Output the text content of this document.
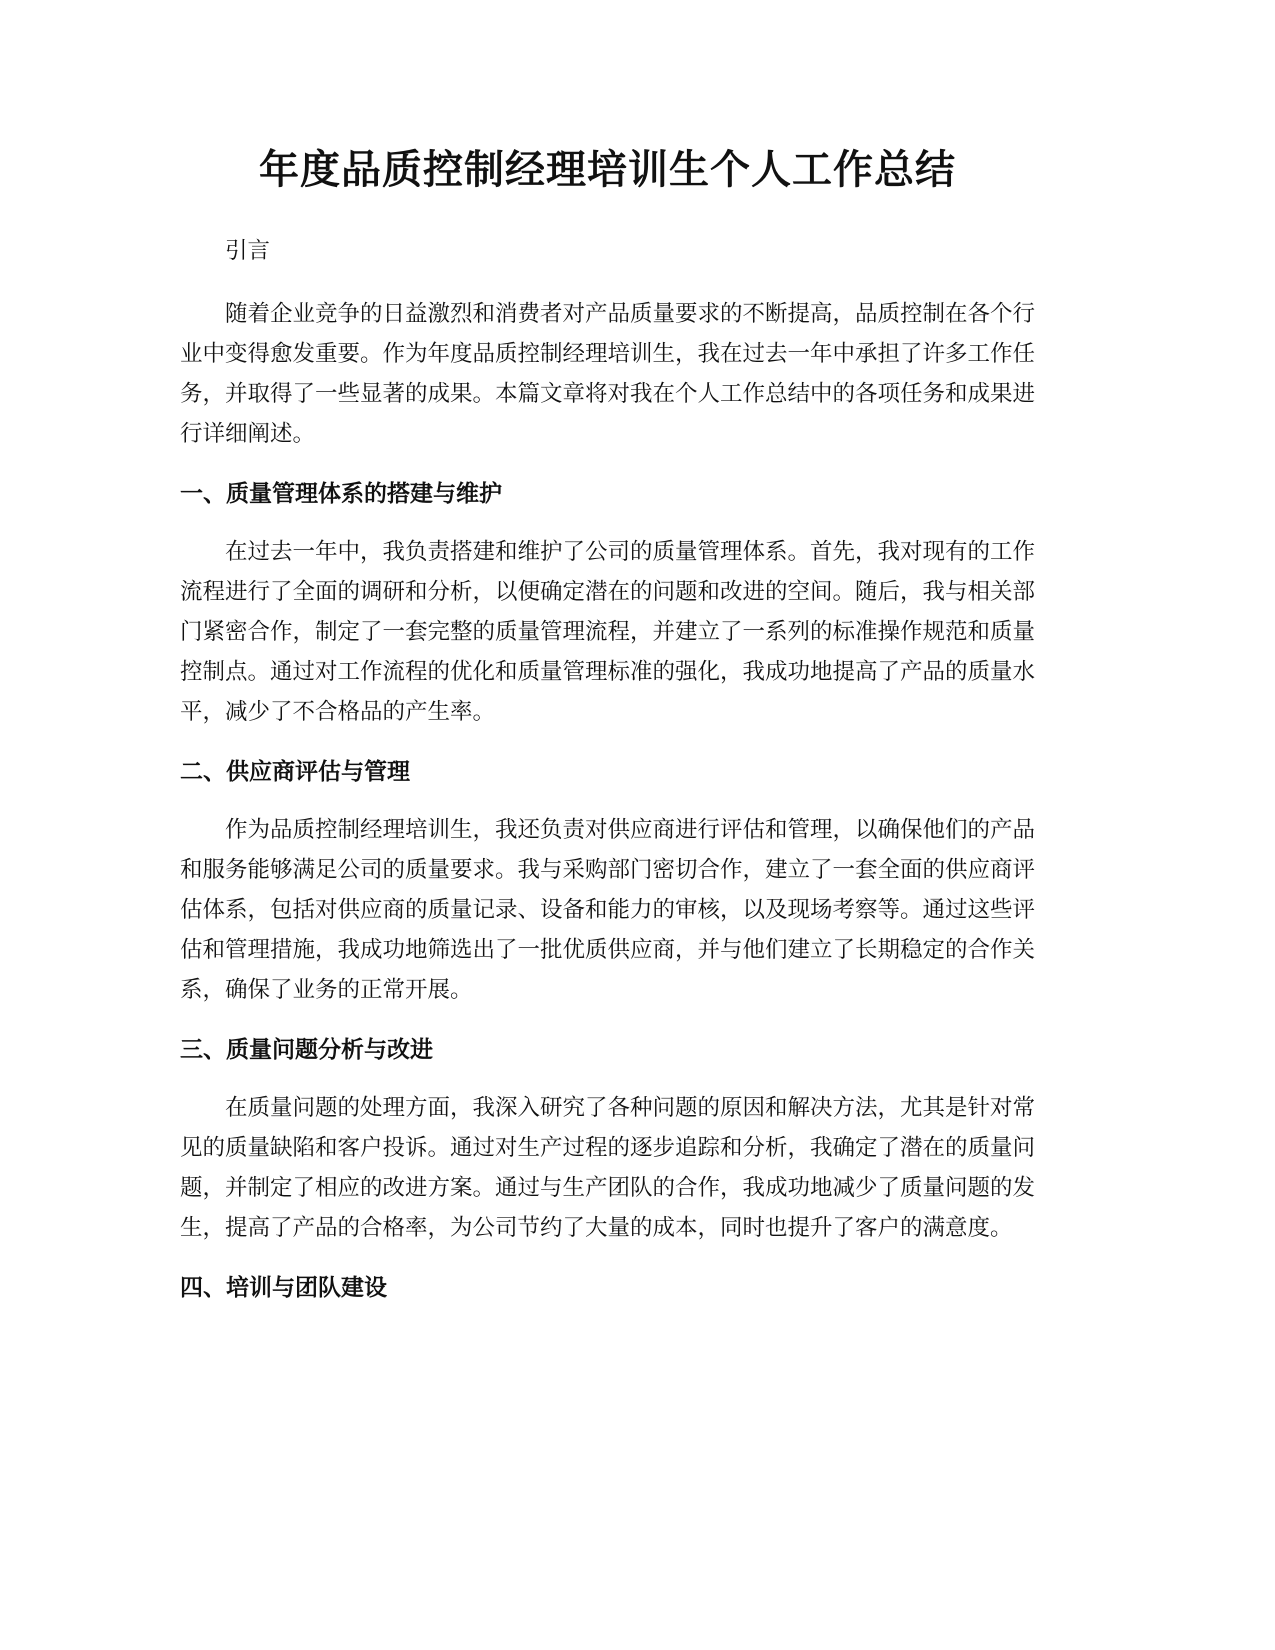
年度品质控制经理培训生个人工作总结

引言

随着企业竞争的日益激烈和消费者对产品质量要求的不断提高，品质控制在各个行业中变得愈发重要。作为年度品质控制经理培训生，我在过去一年中承担了许多工作任务，并取得了一些显著的成果。本篇文章将对我在个人工作总结中的各项任务和成果进行详细阐述。

一、质量管理体系的搭建与维护

在过去一年中，我负责搭建和维护了公司的质量管理体系。首先，我对现有的工作流程进行了全面的调研和分析，以便确定潜在的问题和改进的空间。随后，我与相关部门紧密合作，制定了一套完整的质量管理流程，并建立了一系列的标准操作规范和质量控制点。通过对工作流程的优化和质量管理标准的强化，我成功地提高了产品的质量水平，减少了不合格品的产生率。

二、供应商评估与管理

作为品质控制经理培训生，我还负责对供应商进行评估和管理，以确保他们的产品和服务能够满足公司的质量要求。我与采购部门密切合作，建立了一套全面的供应商评估体系，包括对供应商的质量记录、设备和能力的审核，以及现场考察等。通过这些评估和管理措施，我成功地筛选出了一批优质供应商，并与他们建立了长期稳定的合作关系，确保了业务的正常开展。

三、质量问题分析与改进

在质量问题的处理方面，我深入研究了各种问题的原因和解决方法，尤其是针对常见的质量缺陷和客户投诉。通过对生产过程的逐步追踪和分析，我确定了潜在的质量问题，并制定了相应的改进方案。通过与生产团队的合作，我成功地减少了质量问题的发生，提高了产品的合格率，为公司节约了大量的成本，同时也提升了客户的满意度。

四、培训与团队建设
